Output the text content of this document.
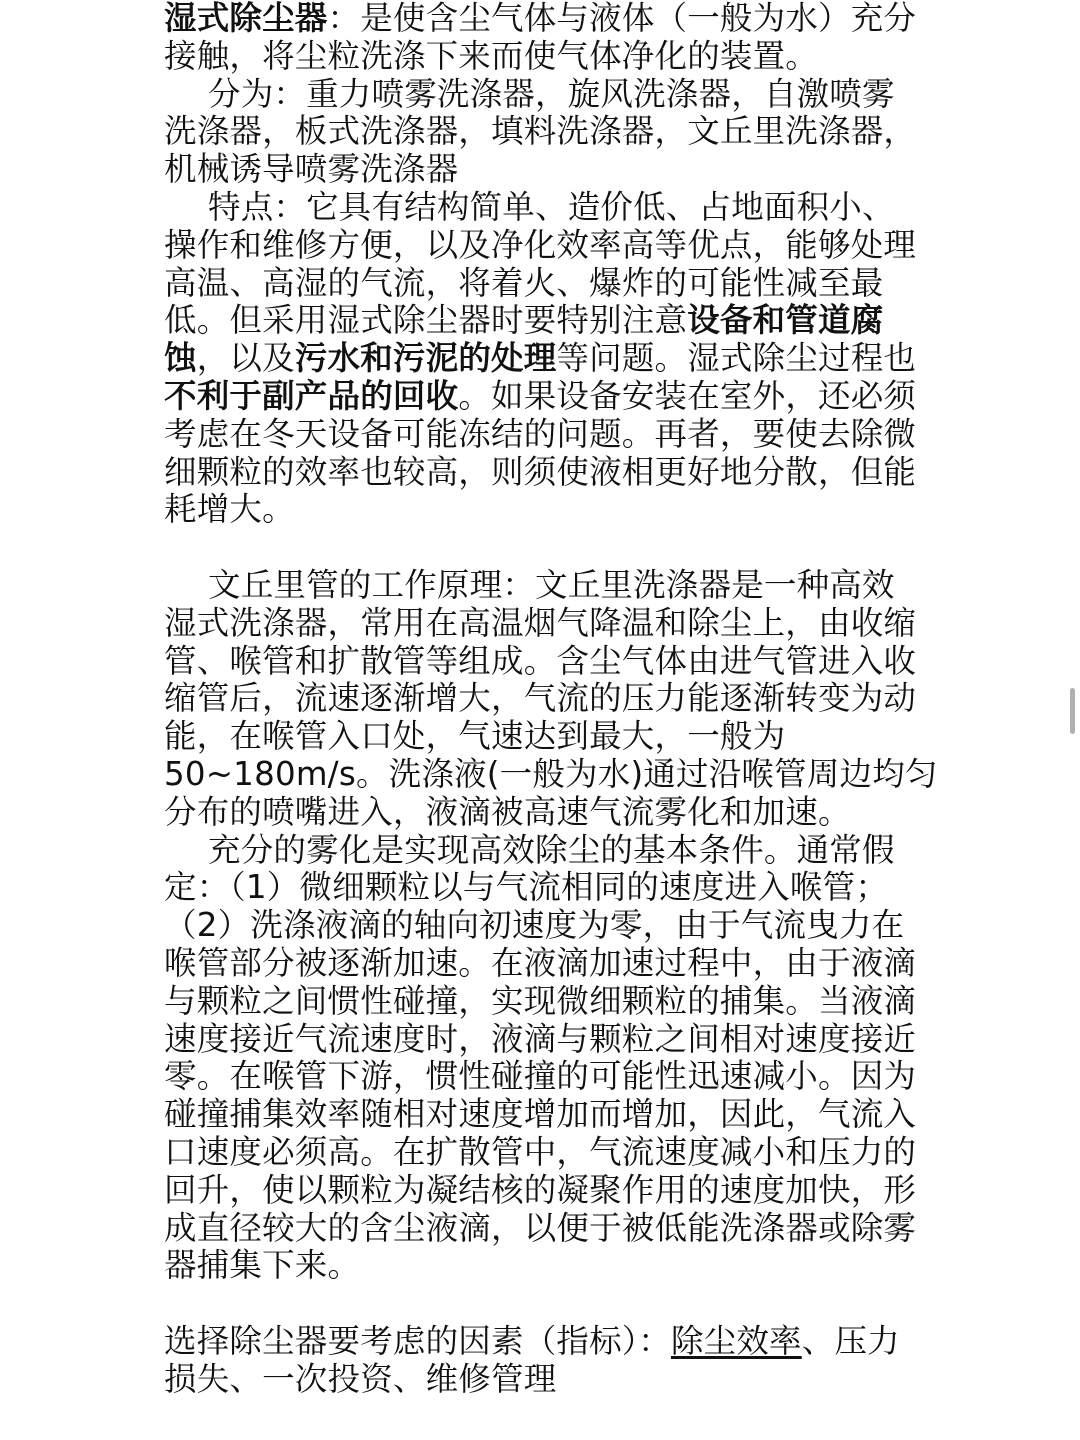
湿式除尘器：是使含尘气体与液体（一般为水）充分
接触，将尘粒洗涤下来而使气体净化的装置。
分为：重力喷雾洗涤器，旋风洗涤器，自激喷雾
洗涤器，板式洗涤器，填料洗涤器，文丘里洗涤器，
机械诱导喷雾洗涤器
特点：它具有结构简单、造价低、占地面积小、
操作和维修方便，以及净化效率高等优点，能够处理
高温、高湿的气流，将着火、爆炸的可能性减至最
低。但采用湿式除尘器时要特别注意设备和管道腐
蚀，以及污水和污泥的处理等问题。湿式除尘过程也
不利于副产品的回收。如果设备安装在室外，还必须
考虑在冬天设备可能冻结的问题。再者，要使去除微
细颗粒的效率也较高，则须使液相更好地分散，但能
耗增大。
文丘里管的工作原理：文丘里洗涤器是一种高效
湿式洗涤器，常用在高温烟气降温和除尘上，由收缩
管、喉管和扩散管等组成。含尘气体由进气管进入收
缩管后，流速逐渐增大，气流的压力能逐渐转变为动
能，在喉管入口处，气速达到最大，一般为
50~180m/s。洗涤液(一般为水)通过沿喉管周边均匀
分布的喷嘴进入，液滴被高速气流雾化和加速。
充分的雾化是实现高效除尘的基本条件。通常假
定：（1）微细颗粒以与气流相同的速度进入喉管；
（2）洗涤液滴的轴向初速度为零，由于气流曳力在
喉管部分被逐渐加速。在液滴加速过程中，由于液滴
与颗粒之间惯性碰撞，实现微细颗粒的捕集。当液滴
速度接近气流速度时，液滴与颗粒之间相对速度接近
零。在喉管下游，惯性碰撞的可能性迅速减小。因为
碰撞捕集效率随相对速度增加而增加，因此，气流入
口速度必须高。在扩散管中，气流速度减小和压力的
回升，使以颗粒为凝结核的凝聚作用的速度加快，形
成直径较大的含尘液滴，以便于被低能洗涤器或除雾
器捕集下来。
选择除尘器要考虑的因素（指标）：除尘效率、压力
损失、一次投资、维修管理
